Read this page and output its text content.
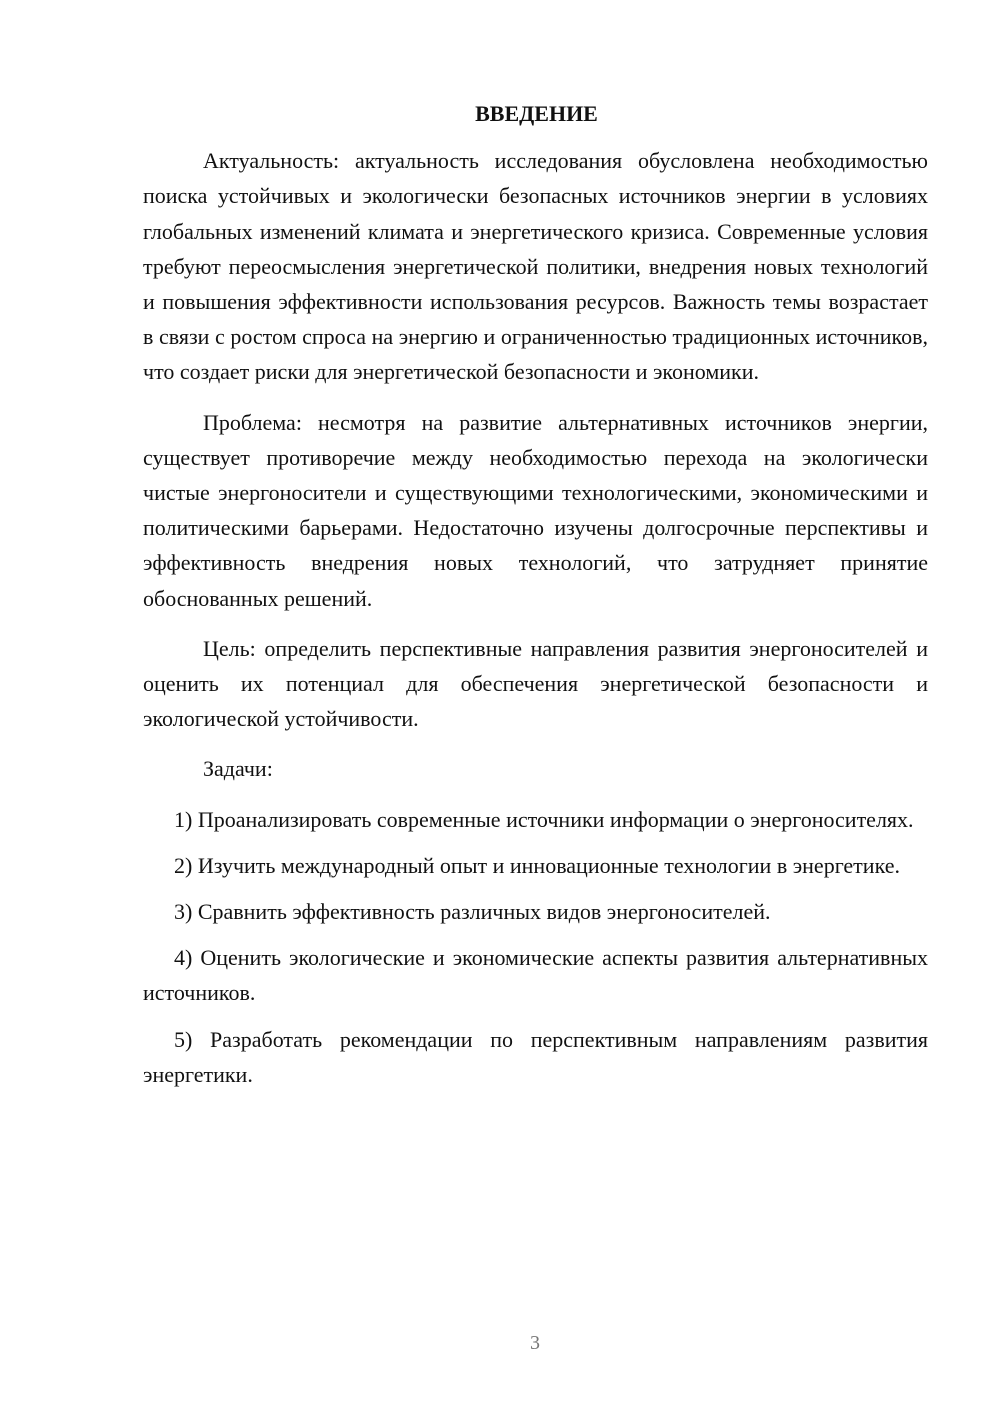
ВВЕДЕНИЕ

Актуальность: актуальность исследования обусловлена необходимостью поиска устойчивых и экологически безопасных источников энергии в условиях глобальных изменений климата и энергетического кризиса. Современные условия требуют переосмысления энергетической политики, внедрения новых технологий и повышения эффективности использования ресурсов. Важность темы возрастает в связи с ростом спроса на энергию и ограниченностью традиционных источников, что создает риски для энергетической безопасности и экономики.

Проблема: несмотря на развитие альтернативных источников энергии, существует противоречие между необходимостью перехода на экологически чистые энергоносители и существующими технологическими, экономическими и политическими барьерами. Недостаточно изучены долгосрочные перспективы и эффективность внедрения новых технологий, что затрудняет принятие обоснованных решений.

Цель: определить перспективные направления развития энергоносителей и оценить их потенциал для обеспечения энергетической безопасности и экологической устойчивости.

Задачи:

1) Проанализировать современные источники информации о энергоносителях.

2) Изучить международный опыт и инновационные технологии в энергетике.

3) Сравнить эффективность различных видов энергоносителей.

4) Оценить экологические и экономические аспекты развития альтернативных источников.

5) Разработать рекомендации по перспективным направлениям развития энергетики.

3
